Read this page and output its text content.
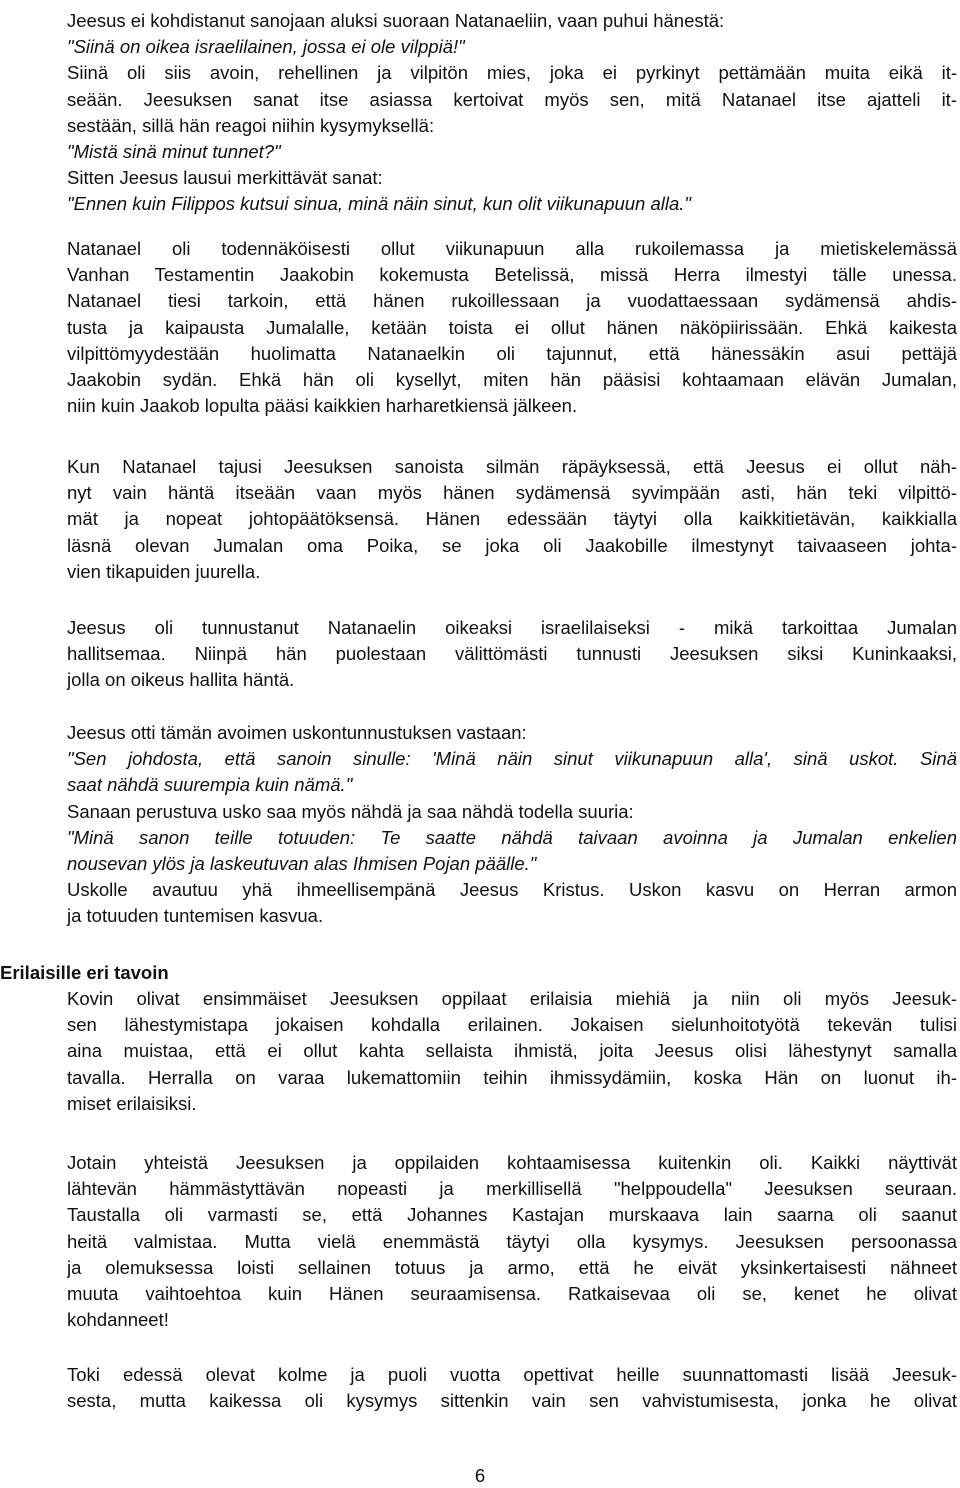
Jeesus ei kohdistanut sanojaan aluksi suoraan Natanaeliin, vaan puhui hänestä:
"Siinä on oikea israelilainen, jossa ei ole vilppiä!"
Siinä oli siis avoin, rehellinen ja vilpitön mies, joka ei pyrkinyt pettämään muita eikä it-
seään. Jeesuksen sanat itse asiassa kertoivat myös sen, mitä Natanael itse ajatteli it-
sestään, sillä hän reagoi niihin kysymyksellä:
"Mistä sinä minut tunnet?"
Sitten Jeesus lausui merkittävät sanat:
"Ennen kuin Filippos kutsui sinua, minä näin sinut, kun olit viikunapuun alla."
Natanael oli todennäköisesti ollut viikunapuun alla rukoilemassa ja mietiskelemässä
Vanhan Testamentin Jaakobin kokemusta Betelissä, missä Herra ilmestyi tälle unessa.
Natanael tiesi tarkoin, että hänen rukoillessaan ja vuodattaessaan sydämensä ahdis-
tusta ja kaipausta Jumalalle, ketään toista ei ollut hänen näköpiirissään. Ehkä kaikesta
vilpittömyydestään huolimatta Natanaelkin oli tajunnut, että hänessäkin asui pettäjä
Jaakobin sydän. Ehkä hän oli kysellyt, miten hän pääsisi kohtaamaan elävän Jumalan,
niin kuin Jaakob lopulta pääsi kaikkien harharetkiensä jälkeen.
Kun Natanael tajusi Jeesuksen sanoista silmän räpäyksessä, että Jeesus ei ollut näh-
nyt vain häntä itseään vaan myös hänen sydämensä syvimpään asti, hän teki vilpittö-
mät ja nopeat johtopäätöksensä. Hänen edessään täytyi olla kaikkitietävän, kaikkialla
läsnä olevan Jumalan oma Poika, se joka oli Jaakobille ilmestynyt taivaaseen johta-
vien tikapuiden juurella.
Jeesus oli tunnustanut Natanaelin oikeaksi israelilaiseksi - mikä tarkoittaa Jumalan
hallitsemaa. Niinpä hän puolestaan välittömästi tunnusti Jeesuksen siksi Kuninkaaksi,
jolla on oikeus hallita häntä.
Jeesus otti tämän avoimen uskontunnustuksen vastaan:
"Sen johdosta, että sanoin sinulle: 'Minä näin sinut viikunapuun alla', sinä uskot. Sinä
saat nähdä suurempia kuin nämä."
Sanaan perustuva usko saa myös nähdä ja saa nähdä todella suuria:
"Minä sanon teille totuuden: Te saatte nähdä taivaan avoinna ja Jumalan enkelien
nousevan ylös ja laskeutuvan alas Ihmisen Pojan päälle."
Uskolle avautuu yhä ihmeellisempänä Jeesus Kristus. Uskon kasvu on Herran armon
ja totuuden tuntemisen kasvua.
Kovin olivat ensimmäiset Jeesuksen oppilaat erilaisia miehiä ja niin oli myös Jeesuk-
sen lähestymistapa jokaisen kohdalla erilainen. Jokaisen sielunhoitotyötä tekevän tulisi
aina muistaa, että ei ollut kahta sellaista ihmistä, joita Jeesus olisi lähestynyt samalla
tavalla. Herralla on varaa lukemattomiin teihin ihmissydämiin, koska Hän on luonut ih-
miset erilaisiksi.
Jotain yhteistä Jeesuksen ja oppilaiden kohtaamisessa kuitenkin oli. Kaikki näyttivät
lähtevän hämmästyttävän nopeasti ja merkillisellä "helppoudella" Jeesuksen seuraan.
Taustalla oli varmasti se, että Johannes Kastajan murskaava lain saarna oli saanut
heitä valmistaa. Mutta vielä enemmästä täytyi olla kysymys. Jeesuksen persoonassa
ja olemuksessa loisti sellainen totuus ja armo, että he eivät yksinkertaisesti nähneet
muuta vaihtoehtoa kuin Hänen seuraamisensa. Ratkaisevaa oli se, kenet he olivat
kohdanneet!
Toki edessä olevat kolme ja puoli vuotta opettivat heille suunnattomasti lisää Jeesuk-
sesta, mutta kaikessa oli kysymys sittenkin vain sen vahvistumisesta, jonka he olivat
Erilaisille eri tavoin
6
